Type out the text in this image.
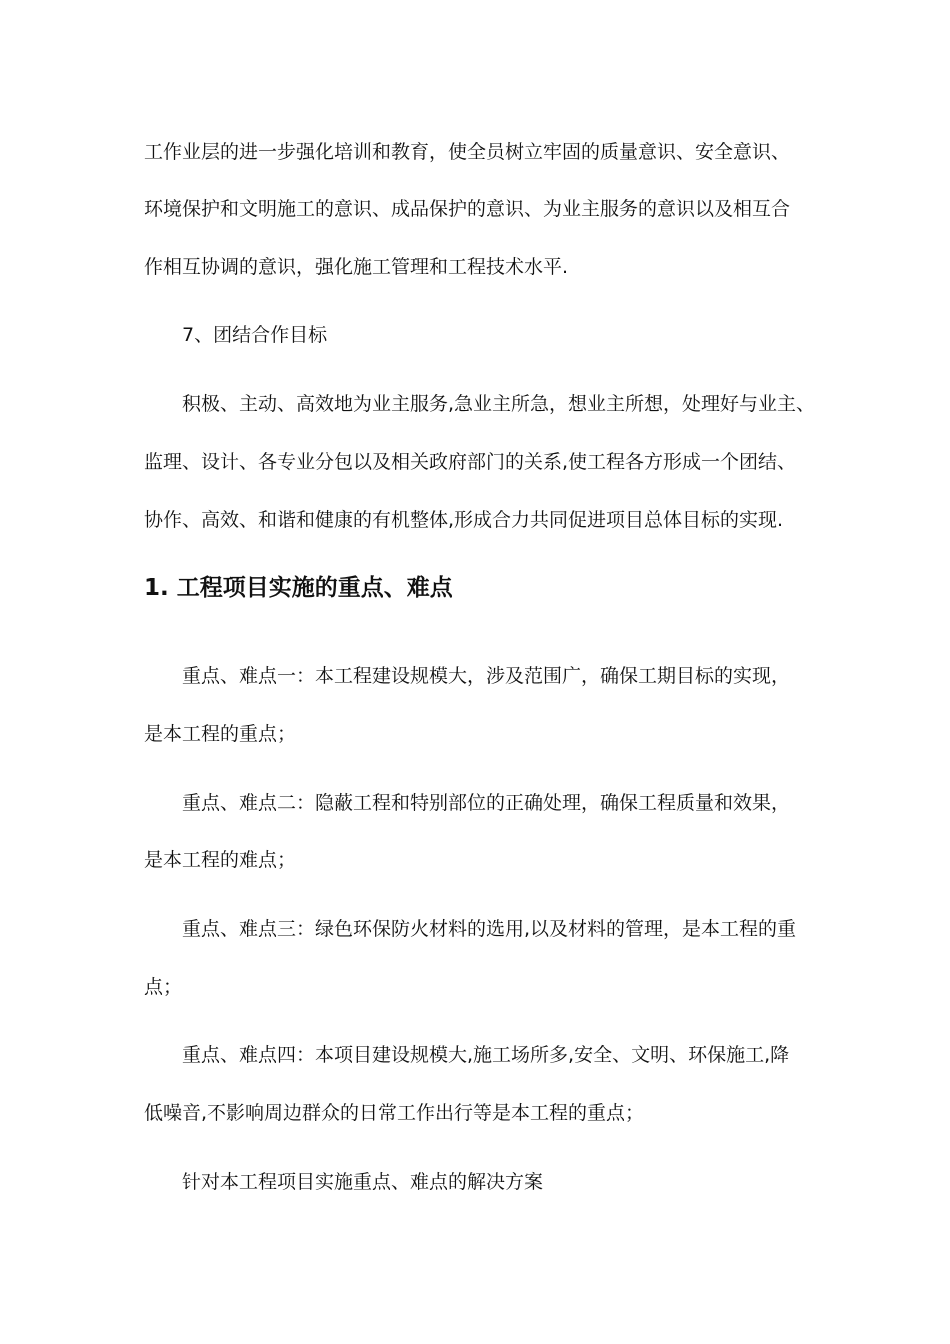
工作业层的进一步强化培训和教育，使全员树立牢固的质量意识、安全意识、
环境保护和文明施工的意识、成品保护的意识、为业主服务的意识以及相互合
作相互协调的意识，强化施工管理和工程技术水平.
7、团结合作目标
积极、主动、高效地为业主服务,急业主所急，想业主所想，处理好与业主、
监理、设计、各专业分包以及相关政府部门的关系,使工程各方形成一个团结、
协作、高效、和谐和健康的有机整体,形成合力共同促进项目总体目标的实现.
1. 工程项目实施的重点、难点
重点、难点一：本工程建设规模大，涉及范围广，确保工期目标的实现，
是本工程的重点；
重点、难点二：隐蔽工程和特别部位的正确处理，确保工程质量和效果，
是本工程的难点；
重点、难点三：绿色环保防火材料的选用,以及材料的管理，是本工程的重
点；
重点、难点四：本项目建设规模大,施工场所多,安全、文明、环保施工,降
低噪音,不影响周边群众的日常工作出行等是本工程的重点；
针对本工程项目实施重点、难点的解决方案
